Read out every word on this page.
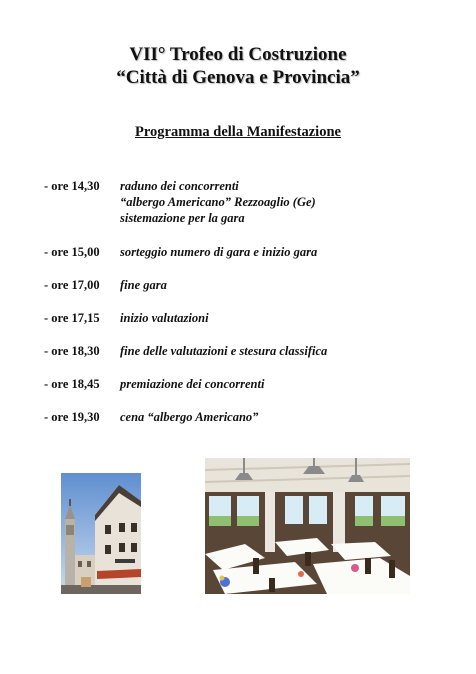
VII° Trofeo di Costruzione
“Città di Genova e Provincia”
Programma della Manifestazione
- ore 14,30 raduno dei concorrenti
“albergo Americano” Rezzoaglio (Ge)
sistemazione per la gara
- ore 15,00 sorteggio numero di gara e inizio gara
- ore 17,00 fine gara
- ore 17,15 inizio valutazioni
- ore 18,30 fine delle valutazioni e stesura classifica
- ore 18,45 premiazione dei concorrenti
- ore 19,30 cena “albergo Americano”
